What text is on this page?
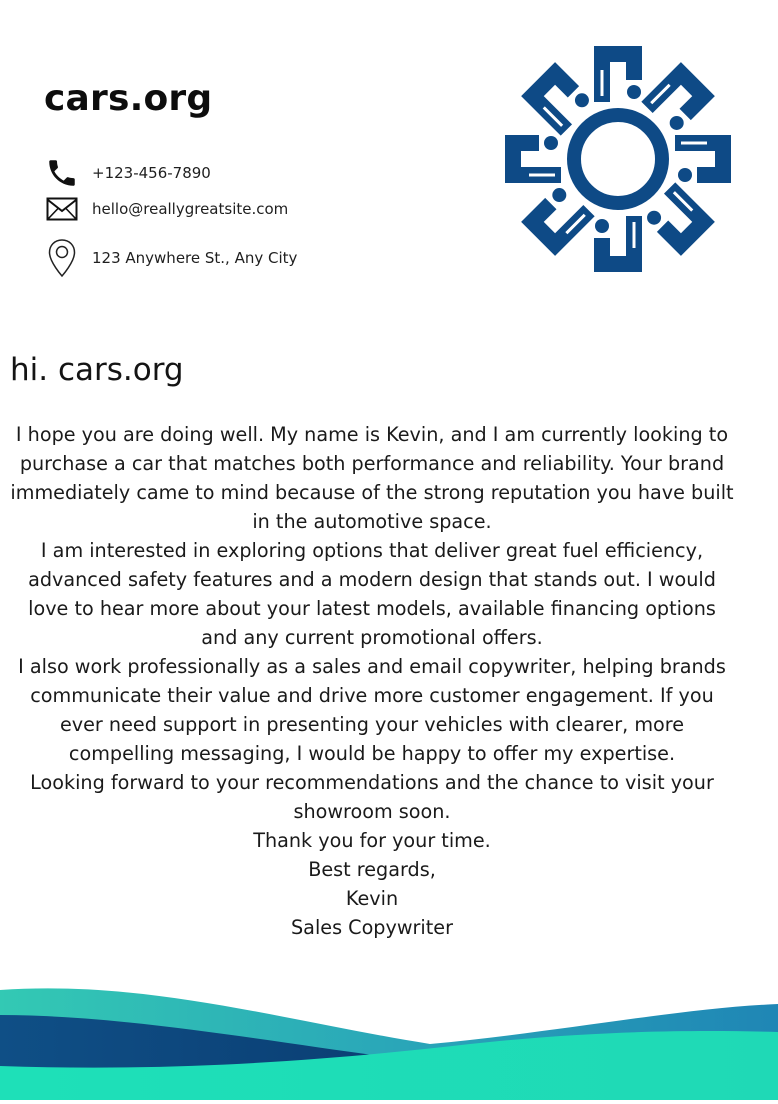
cars.org
+123-456-7890
hello@reallygreatsite.com
123 Anywhere St., Any City
hi. cars.org

I hope you are doing well. My name is Kevin, and I am currently looking to purchase a car that matches both performance and reliability. Your brand immediately came to mind because of the strong reputation you have built in the automotive space.

I am interested in exploring options that deliver great fuel efficiency, advanced safety features and a modern design that stands out. I would love to hear more about your latest models, available financing options and any current promotional offers.

I also work professionally as a sales and email copywriter, helping brands communicate their value and drive more customer engagement. If you ever need support in presenting your vehicles with clearer, more compelling messaging, I would be happy to offer my expertise.

Looking forward to your recommendations and the chance to visit your showroom soon.

Thank you for your time.

Best regards,

Kevin

Sales Copywriter
